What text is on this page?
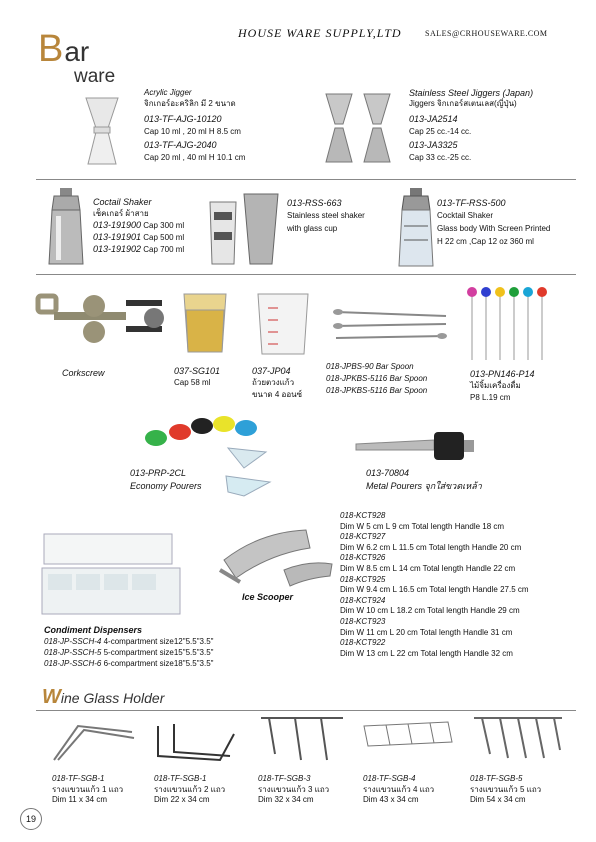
HOUSE WARE SUPPLY,LTD	SALES@CRHOUSEWARE.COM
Bar
ware
Acrylic Jigger
จิกเกอร์อะคริลิก มี 2 ขนาด
013-TF-AJG-10120
Cap 10 ml , 20 ml H 8.5 cm
013-TF-AJG-2040
Cap 20 ml , 40 ml H 10.1 cm
Stainless Steel Jiggers (Japan)
Jiggers จิกเกอร์สเตนเลส(ญี่ปุ่น)
013-JA2514
Cap 25 cc.-14 cc.
013-JA3325
Cap 33 cc.-25 cc.
Coctail Shaker
เช็คเกอร์ ผ้าสาย
013-191900 Cap 300 ml
013-191901 Cap 500 ml
013-191902 Cap 700 ml
013-RSS-663
Stainless steel shaker
with glass cup
013-TF-RSS-500
Cocktail Shaker
Glass body With Screen Printed
H 22 cm ,Cap 12 oz 360 ml
Corkscrew	037-SG101
Cap 58 ml
037-JP04
ถ้วยตวงแก้ว
ขนาด 4 ออนซ์
018-JPBS-90 Bar Spoon
018-JPKBS-5116 Bar Spoon
018-JPKBS-5116 Bar Spoon
013-PN146-P14
ไม้จิ้มเครื่องดื่ม
P8 L.19 cm
013-PRP-2CL
Economy Pourers
013-70804
Metal Pourers จุกใส่ขวดเหล้า
Condiment Dispensers
018-JP-SSCH-4 4-compartment size12"5.5"3.5"
018-JP-SSCH-5 5-compartment size15"5.5"3.5"
018-JP-SSCH-6 6-compartment size18"5.5"3.5"
Ice Scooper
018-KCT928
Dim W 5 cm L 9 cm Total length Handle 18 cm
018-KCT927
Dim W 6.2 cm L 11.5 cm Total length Handle 20 cm
018-KCT926
Dim W 8.5 cm L 14 cm Total length Handle 22 cm
018-KCT925
Dim W 9.4 cm L 16.5 cm Total length Handle 27.5 cm
018-KCT924
Dim W 10 cm L 18.2 cm Total length Handle 29 cm
018-KCT923
Dim W 11 cm L 20 cm Total length Handle 31 cm
018-KCT922
Dim W 13 cm L 22 cm Total length Handle 32 cm
Wine Glass Holder
018-TF-SGB-1
รางแขวนแก้ว 1 แถว
Dim 11 x 34 cm
018-TF-SGB-1
รางแขวนแก้ว 2 แถว
Dim 22 x 34 cm
018-TF-SGB-3
รางแขวนแก้ว 3 แถว
Dim 32 x 34 cm
018-TF-SGB-4
รางแขวนแก้ว 4 แถว
Dim 43 x 34 cm
018-TF-SGB-5
รางแขวนแก้ว 5 แถว
Dim 54 x 34 cm
19
